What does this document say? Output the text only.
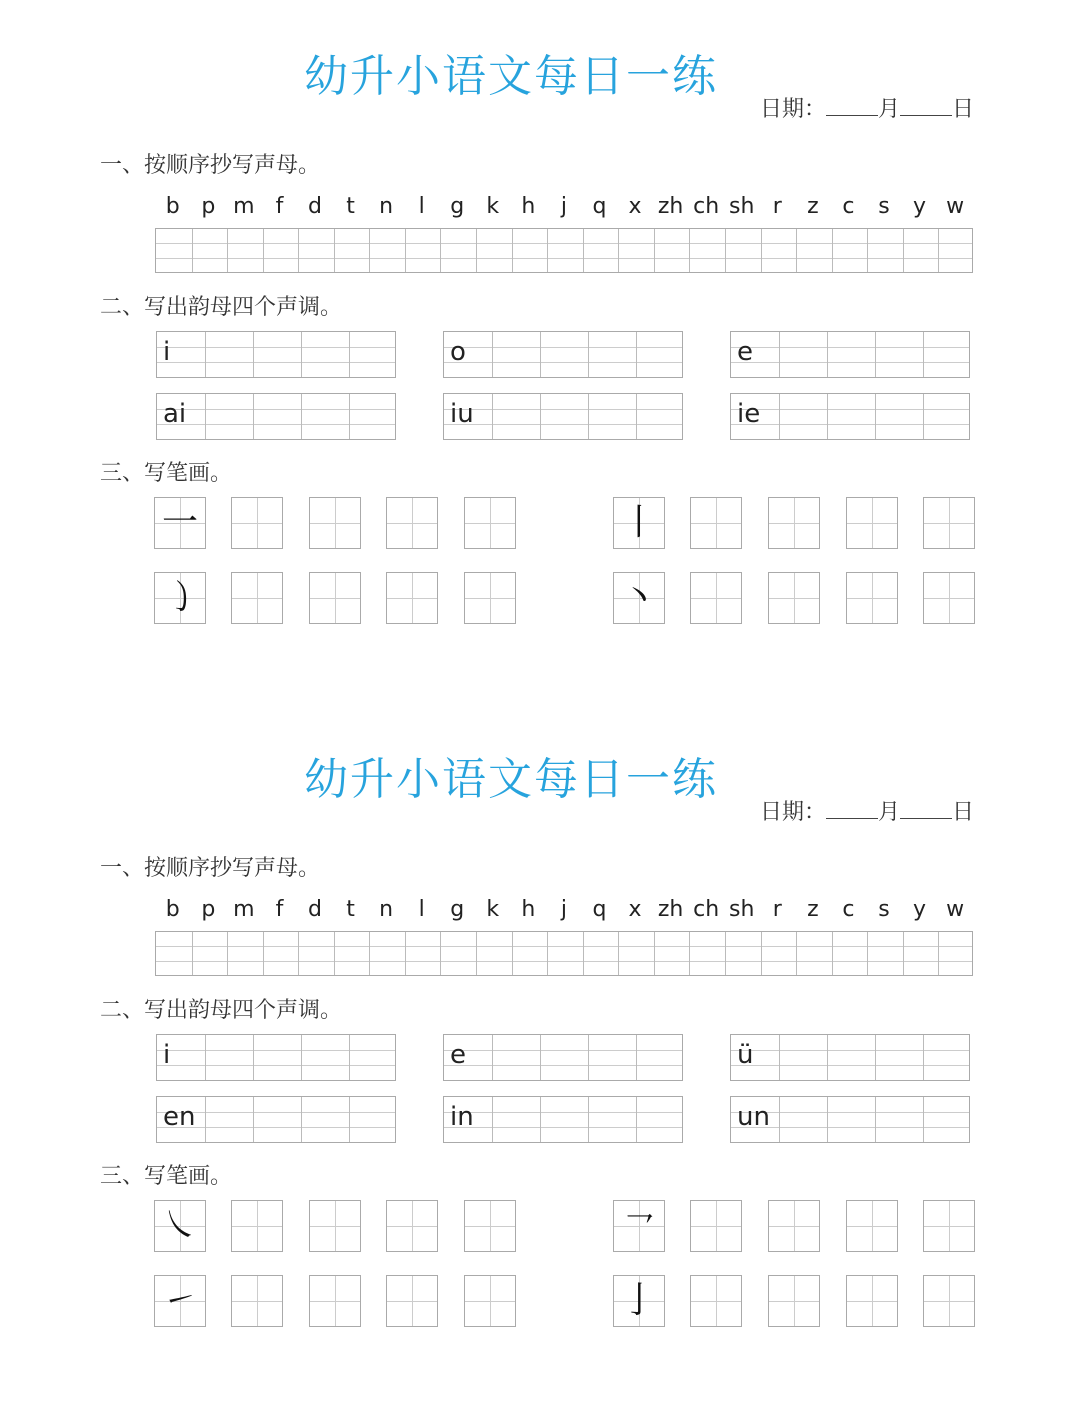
幼升小语文每日一练
日期： 月 日
一、按顺序抄写声母。
b p m f	d	t	n	l	g	k	h	j	q	x zh ch sh r	z	c	s	y w
二、写出韵母四个声调。
i	o	e
ai	iu	ie
三、写笔画。
一	丨
㇁	丶
幼升小语文每日一练
日期： 月 日
一、按顺序抄写声母。
b p m f	d	t	n	l	g	k	h	j	q	x zh ch sh r	z	c	s	y w
二、写出韵母四个声调。
i	e	ü
en	in	un
三、写笔画。
㇏	㇖
㇀	亅
